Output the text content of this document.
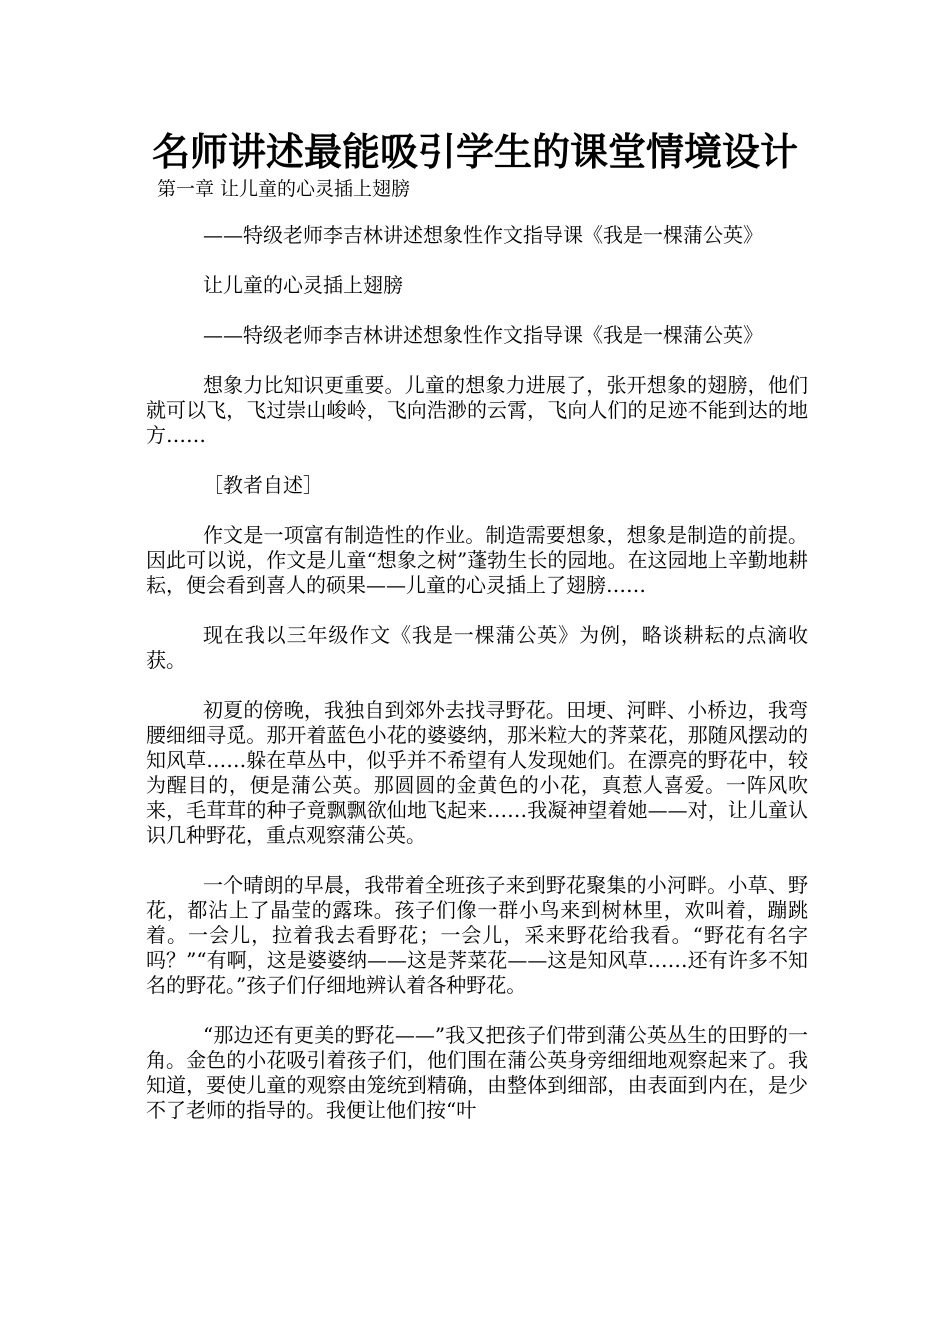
名师讲述最能吸引学生的课堂情境设计
第一章 让儿童的心灵插上翅膀

——特级老师李吉林讲述想象性作文指导课《我是一棵蒲公英》

让儿童的心灵插上翅膀

——特级老师李吉林讲述想象性作文指导课《我是一棵蒲公英》

想象力比知识更重要。儿童的想象力进展了，张开想象的翅膀，他们就可以飞，飞过崇山峻岭，飞向浩渺的云霄，飞向人们的足迹不能到达的地方……

［教者自述］

作文是一项富有制造性的作业。制造需要想象，想象是制造的前提。因此可以说，作文是儿童“想象之树”蓬勃生长的园地。在这园地上辛勤地耕耘，便会看到喜人的硕果——儿童的心灵插上了翅膀……

现在我以三年级作文《我是一棵蒲公英》为例，略谈耕耘的点滴收获。

初夏的傍晚，我独自到郊外去找寻野花。田埂、河畔、小桥边，我弯腰细细寻觅。那开着蓝色小花的婆婆纳，那米粒大的荠菜花，那随风摆动的知风草……躲在草丛中，似乎并不希望有人发现她们。在漂亮的野花中，较为醒目的，便是蒲公英。那圆圆的金黄色的小花，真惹人喜爱。一阵风吹来，毛茸茸的种子竟飘飘欲仙地飞起来……我凝神望着她——对，让儿童认识几种野花，重点观察蒲公英。

一个晴朗的早晨，我带着全班孩子来到野花聚集的小河畔。小草、野花，都沾上了晶莹的露珠。孩子们像一群小鸟来到树林里，欢叫着，蹦跳着。一会儿，拉着我去看野花；一会儿，采来野花给我看。“野花有名字吗？”“有啊，这是婆婆纳——这是荠菜花——这是知风草……还有许多不知名的野花。”孩子们仔细地辨认着各种野花。

“那边还有更美的野花——”我又把孩子们带到蒲公英丛生的田野的一角。金色的小花吸引着孩子们，他们围在蒲公英身旁细细地观察起来了。我知道，要使儿童的观察由笼统到精确，由整体到细部，由表面到内在，是少不了老师的指导的。我便让他们按“叶
